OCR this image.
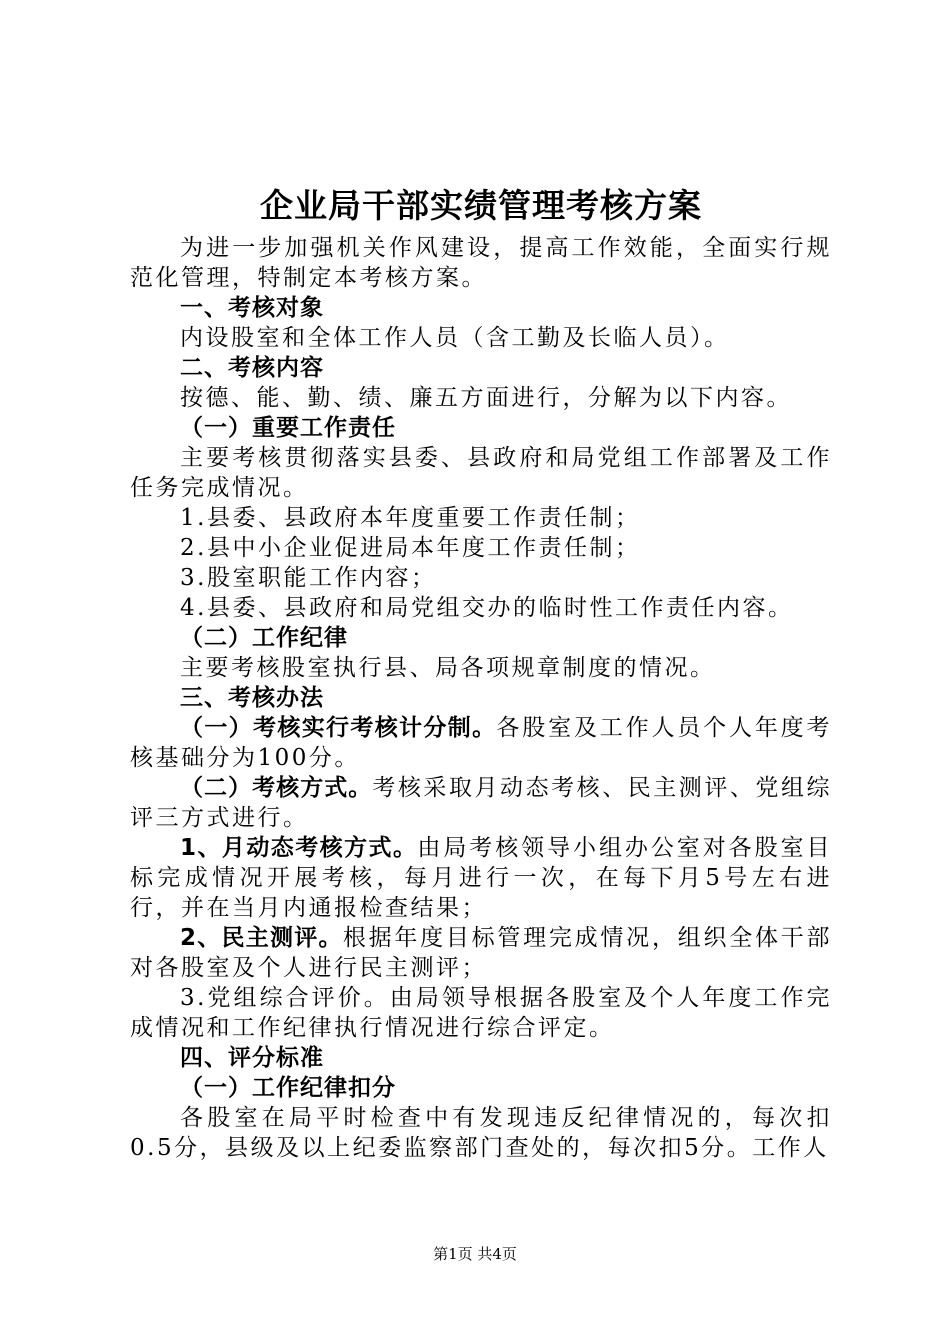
企业局干部实绩管理考核方案

为进一步加强机关作风建设，提高工作效能，全面实行规范化管理，特制定本考核方案。

一、考核对象

内设股室和全体工作人员（含工勤及长临人员）。

二、考核内容

按德、能、勤、绩、廉五方面进行，分解为以下内容。

（一）重要工作责任

主要考核贯彻落实县委、县政府和局党组工作部署及工作任务完成情况。

1.县委、县政府本年度重要工作责任制；

2.县中小企业促进局本年度工作责任制；

3.股室职能工作内容；

4.县委、县政府和局党组交办的临时性工作责任内容。

（二）工作纪律

主要考核股室执行县、局各项规章制度的情况。

三、考核办法

（一）考核实行考核计分制。各股室及工作人员个人年度考核基础分为100分。

（二）考核方式。考核采取月动态考核、民主测评、党组综评三方式进行。

1、月动态考核方式。由局考核领导小组办公室对各股室目标完成情况开展考核，每月进行一次，在每下月5号左右进行，并在当月内通报检查结果；

2、民主测评。根据年度目标管理完成情况，组织全体干部对各股室及个人进行民主测评；

3.党组综合评价。由局领导根据各股室及个人年度工作完成情况和工作纪律执行情况进行综合评定。

四、评分标准

（一）工作纪律扣分

各股室在局平时检查中有发现违反纪律情况的，每次扣0.5分，县级及以上纪委监察部门查处的，每次扣5分。工作人

第1页 共4页
